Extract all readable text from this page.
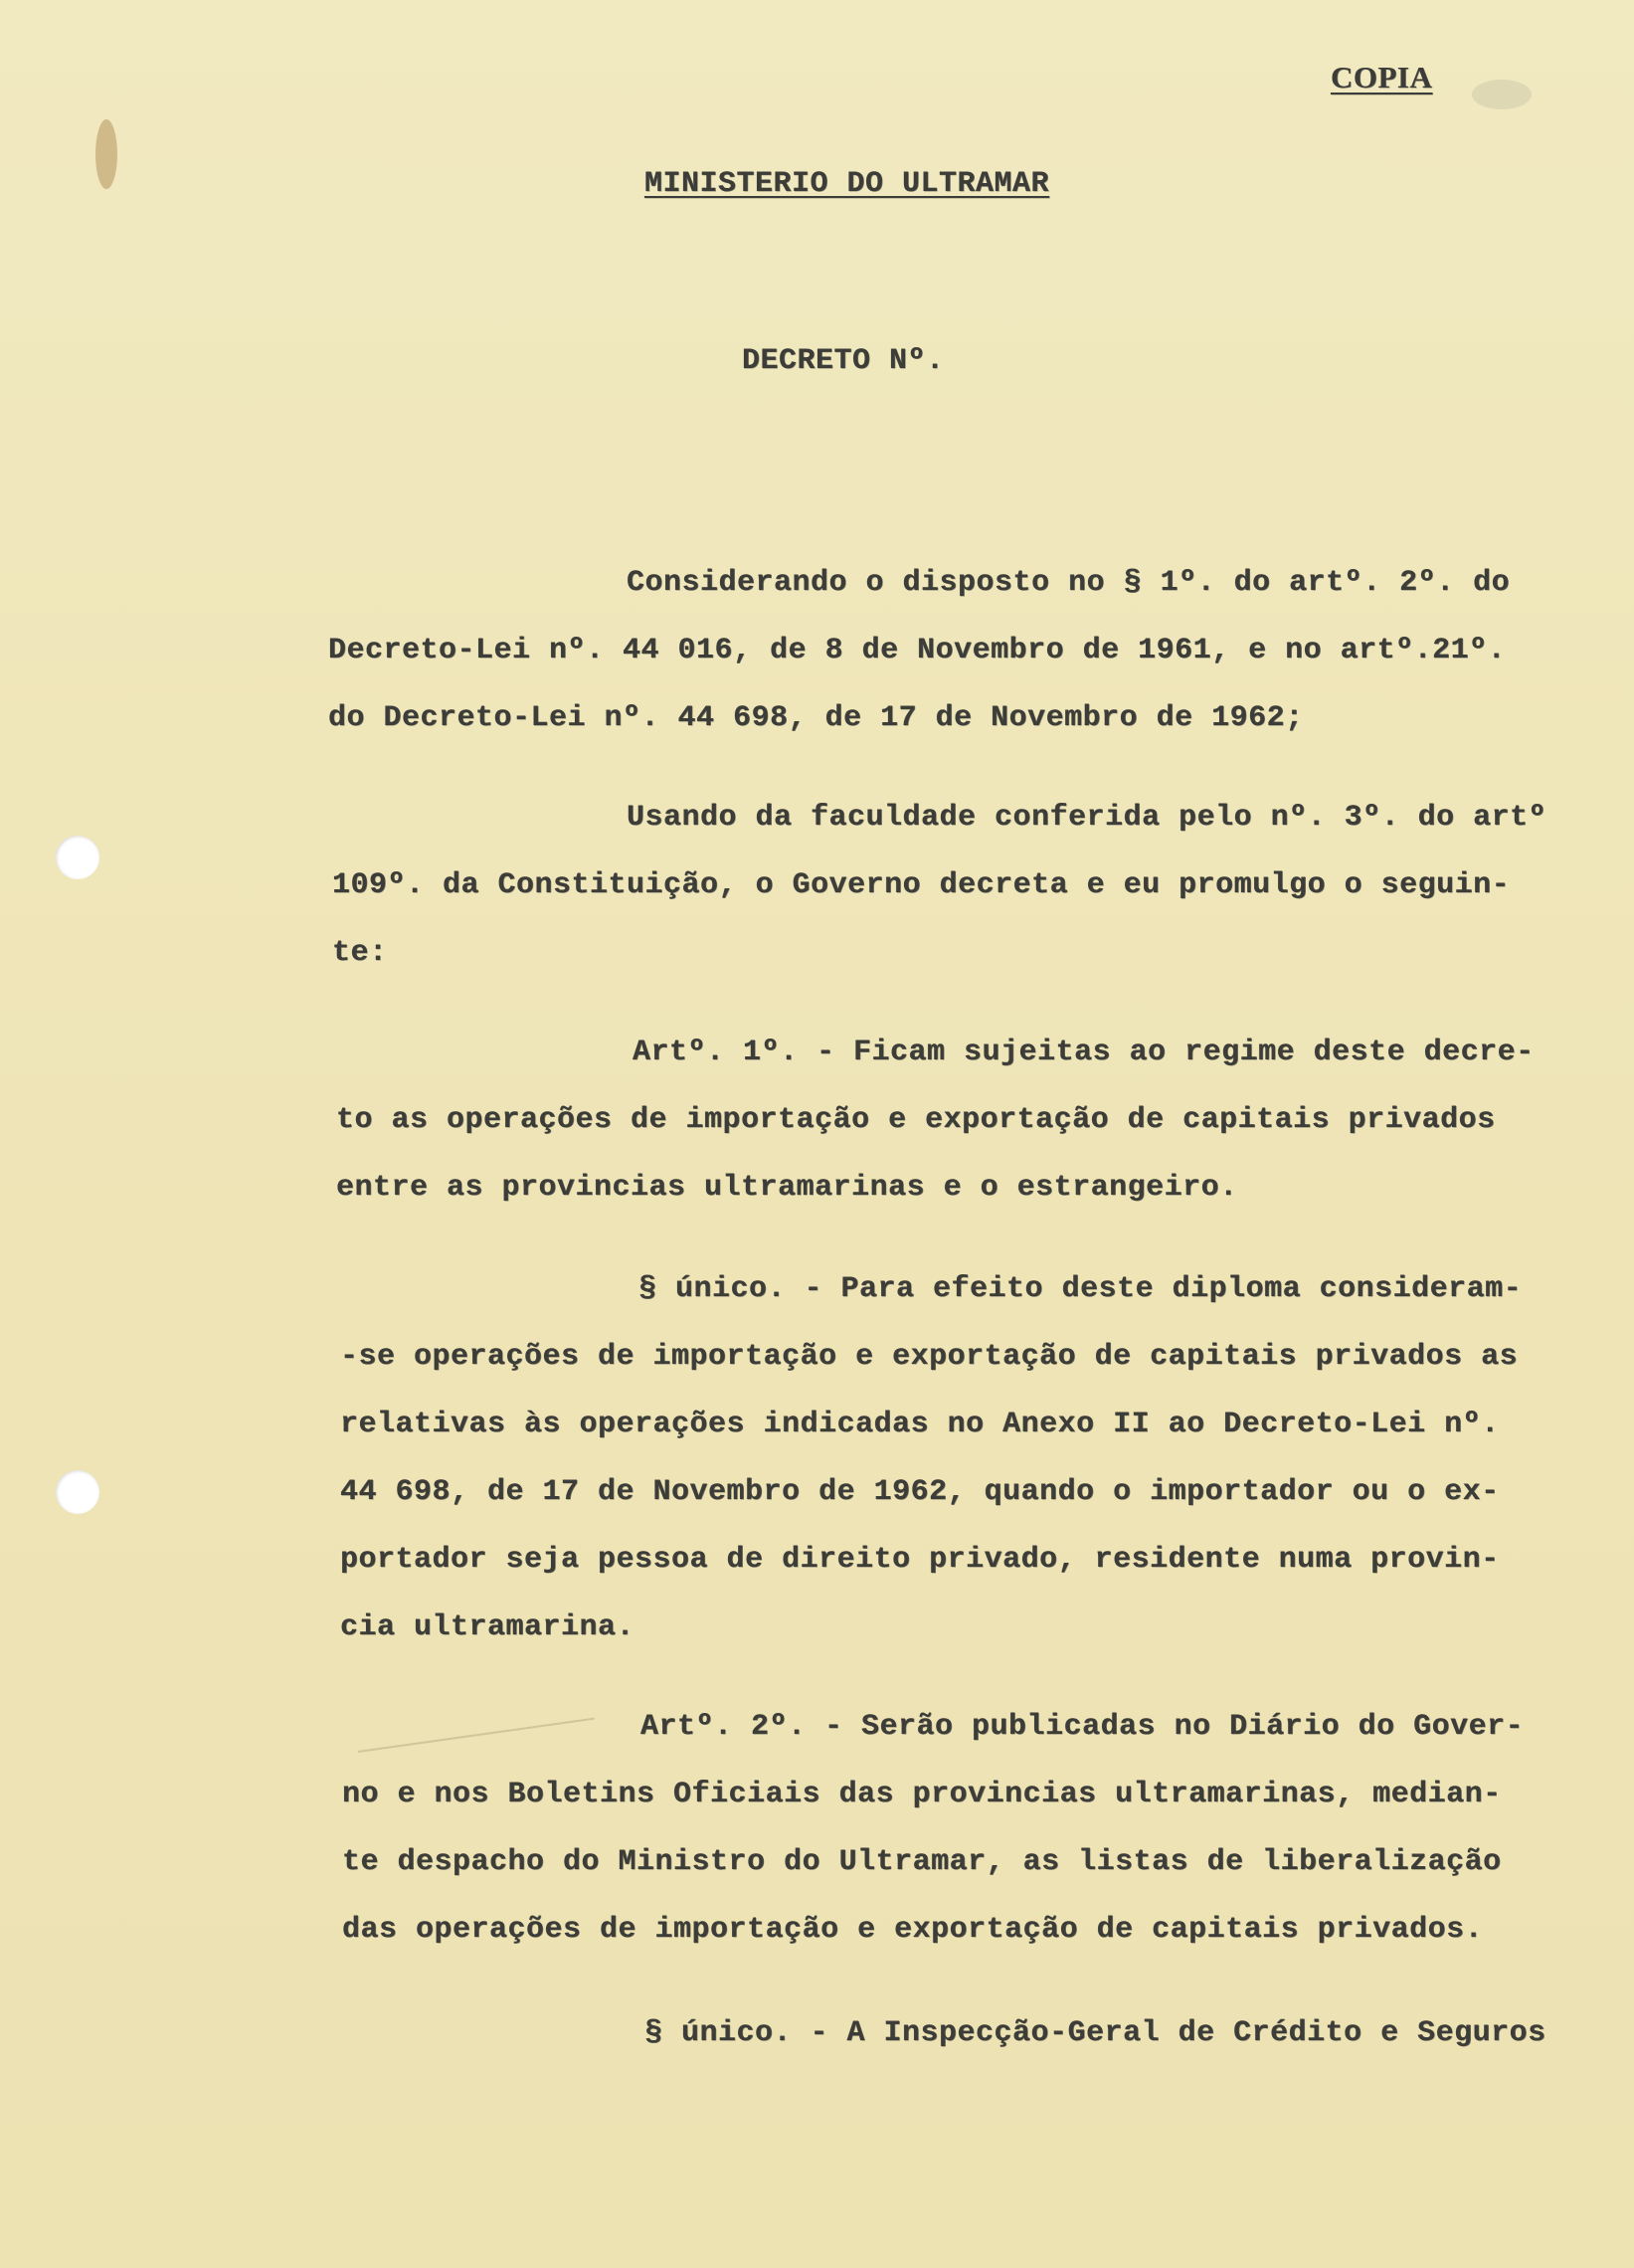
COPIA
MINISTERIO DO ULTRAMAR
DECRETO Nº.
Considerando o disposto no § 1º. do artº. 2º. do
Decreto-Lei nº. 44 016, de 8 de Novembro de 1961, e no artº.21º.
do Decreto-Lei nº. 44 698, de 17 de Novembro de 1962;
Usando da faculdade conferida pelo nº. 3º. do artº
109º. da Constituição, o Governo decreta e eu promulgo o seguin-
te:
Artº. 1º. - Ficam sujeitas ao regime deste decre-
to as operações de importação e exportação de capitais privados
entre as provincias ultramarinas e o estrangeiro.
§ único. - Para efeito deste diploma consideram-
-se operações de importação e exportação de capitais privados as
relativas às operações indicadas no Anexo II ao Decreto-Lei nº.
44 698, de 17 de Novembro de 1962, quando o importador ou o ex-
portador seja pessoa de direito privado, residente numa provin-
cia ultramarina.
Artº. 2º. - Serão publicadas no Diário do Gover-
no e nos Boletins Oficiais das provincias ultramarinas, median-
te despacho do Ministro do Ultramar, as listas de liberalização
das operações de importação e exportação de capitais privados.
§ único. - A Inspecção-Geral de Crédito e Seguros
